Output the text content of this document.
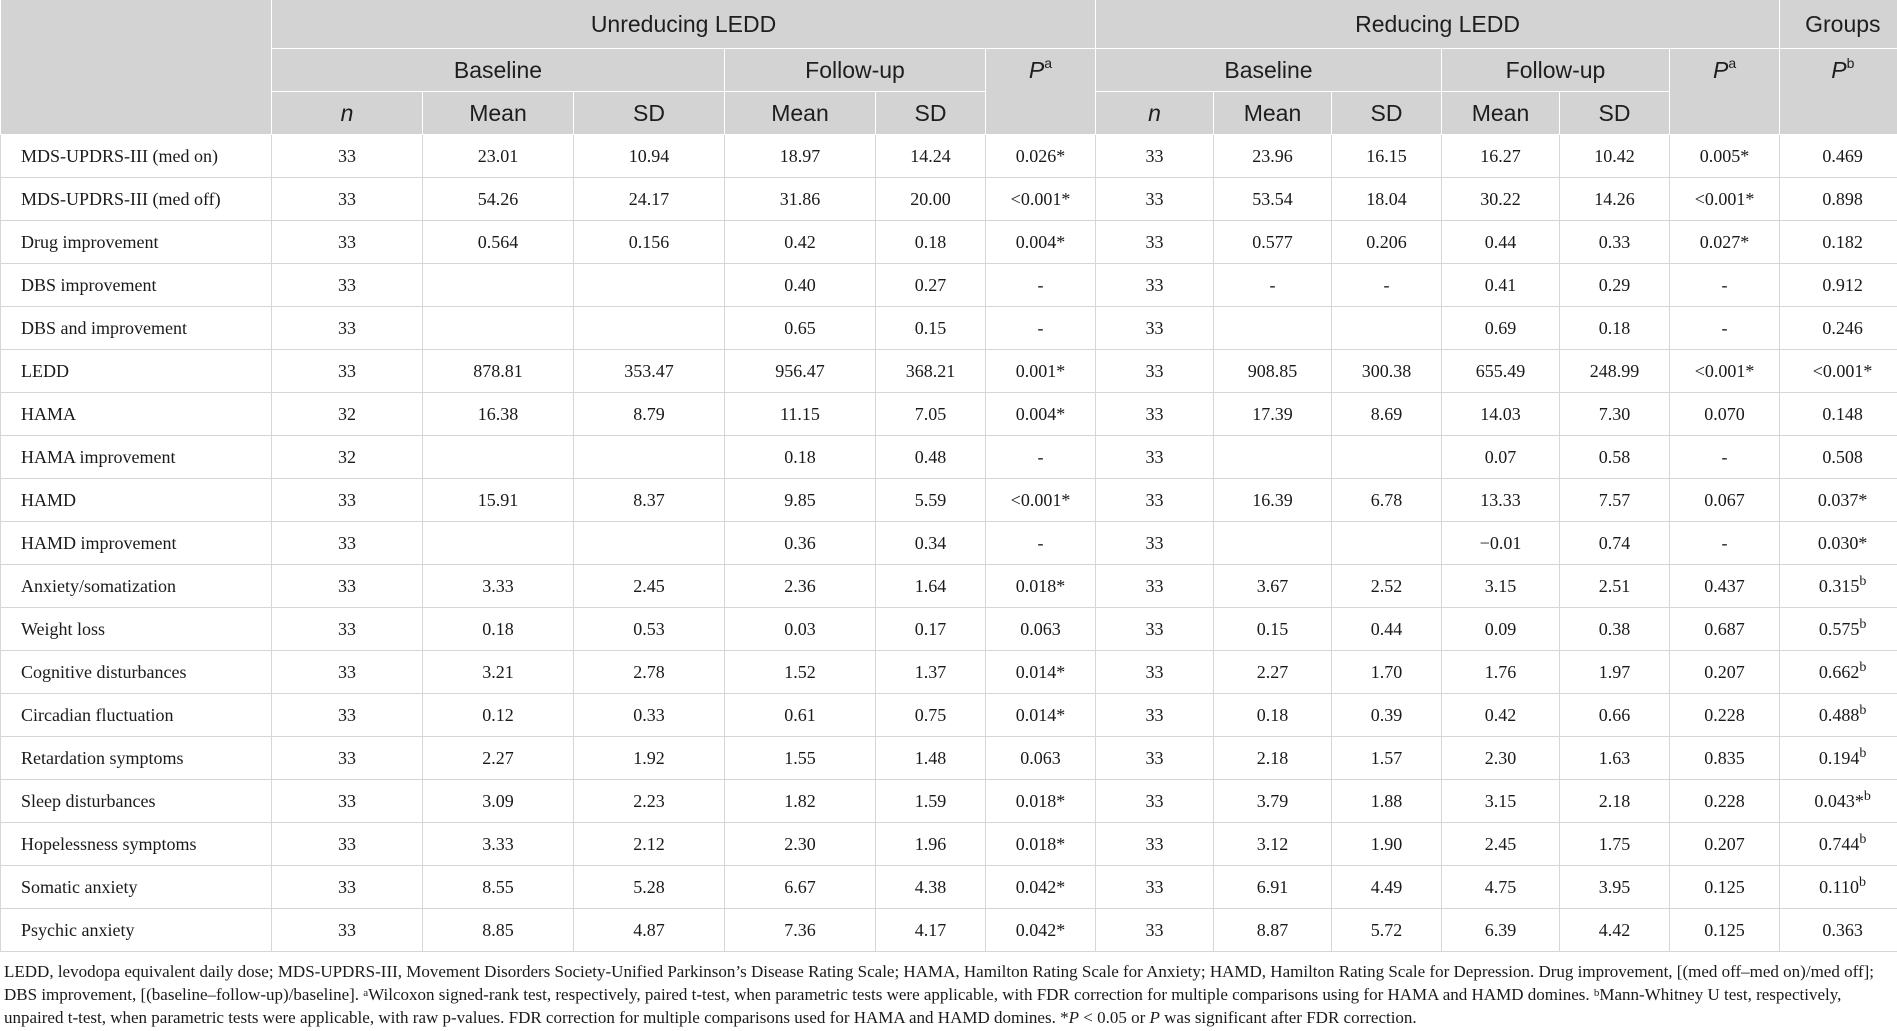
	Unreducing LEDD						Reducing LEDD						Groups
	Baseline			Follow-up		$P^a$	Baseline			Follow-up		$P^a$	$P^b$
	n	Mean	SD	Mean	SD		n	Mean	SD	Mean	SD		
MDS-UPDRS-III (med on)	33	23.01	10.94	18.97	14.24	0.026*	33	23.96	16.15	16.27	10.42	0.005*	0.469
MDS-UPDRS-III (med off)	33	54.26	24.17	31.86	20.00	<0.001*	33	53.54	18.04	30.22	14.26	<0.001*	0.898
Drug improvement	33	0.564	0.156	0.42	0.18	0.004*	33	0.577	0.206	0.44	0.33	0.027*	0.182
DBS improvement	33			0.40	0.27	-	33	-	-	0.41	0.29	-	0.912
DBS and improvement	33			0.65	0.15	-	33			0.69	0.18	-	0.246
LEDD	33	878.81	353.47	956.47	368.21	0.001*	33	908.85	300.38	655.49	248.99	<0.001*	<0.001*
HAMA	32	16.38	8.79	11.15	7.05	0.004*	33	17.39	8.69	14.03	7.30	0.070	0.148
HAMA improvement	32			0.18	0.48	-	33			0.07	0.58	-	0.508
HAMD	33	15.91	8.37	9.85	5.59	<0.001*	33	16.39	6.78	13.33	7.57	0.067	0.037*
HAMD improvement	33			0.36	0.34	-	33			−0.01	0.74	-	0.030*
Anxiety/somatization	33	3.33	2.45	2.36	1.64	0.018*	33	3.67	2.52	3.15	2.51	0.437	0.315$^b$
Weight loss	33	0.18	0.53	0.03	0.17	0.063	33	0.15	0.44	0.09	0.38	0.687	0.575$^b$
Cognitive disturbances	33	3.21	2.78	1.52	1.37	0.014*	33	2.27	1.70	1.76	1.97	0.207	0.662$^b$
Circadian fluctuation	33	0.12	0.33	0.61	0.75	0.014*	33	0.18	0.39	0.42	0.66	0.228	0.488$^b$
Retardation symptoms	33	2.27	1.92	1.55	1.48	0.063	33	2.18	1.57	2.30	1.63	0.835	0.194$^b$
Sleep disturbances	33	3.09	2.23	1.82	1.59	0.018*	33	3.79	1.88	3.15	2.18	0.228	0.043*$^b$
Hopelessness symptoms	33	3.33	2.12	2.30	1.96	0.018*	33	3.12	1.90	2.45	1.75	0.207	0.744$^b$
Somatic anxiety	33	8.55	5.28	6.67	4.38	0.042*	33	6.91	4.49	4.75	3.95	0.125	0.110$^b$
Psychic anxiety	33	8.85	4.87	7.36	4.17	0.042*	33	8.87	5.72	6.39	4.42	0.125	0.363
LEDD, levodopa equivalent daily dose; MDS-UPDRS-III, Movement Disorders Society-Unified Parkinson’s Disease Rating Scale; HAMA, Hamilton Rating Scale for Anxiety; HAMD, Hamilton Rating Scale for Depression. Drug improvement, [(med off–med on)/med off]; DBS improvement, [(baseline–follow-up)/baseline]. $^a$Wilcoxon signed-rank test, respectively, paired t-test, when parametric tests were applicable, with FDR correction for multiple comparisons using for HAMA and HAMD domines. $^b$Mann-Whitney U test, respectively, unpaired t-test, when parametric tests were applicable, with raw p-values. FDR correction for multiple comparisons used for HAMA and HAMD domines. *P < 0.05 or P was significant after FDR correction.
